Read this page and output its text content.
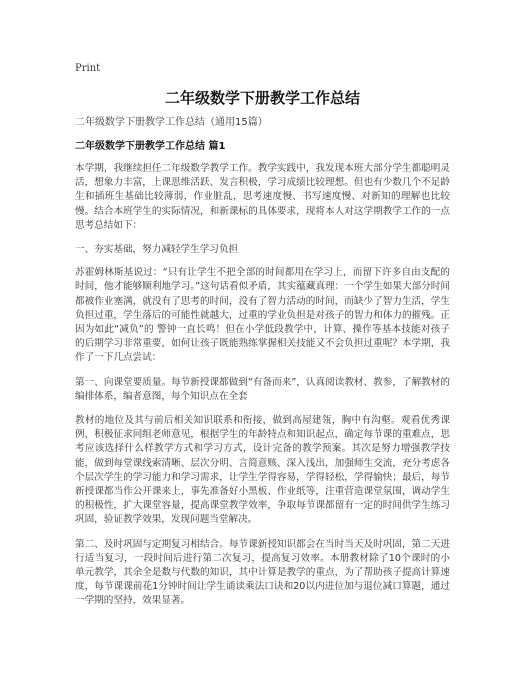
Print
二年级数学下册教学工作总结

二年级数学下册教学工作总结（通用15篇）

二年级数学下册教学工作总结 篇1

本学期，我继续担任二年级数学教学工作。教学实践中，我发现本班大部分学生都聪明灵活，想象力丰富，上课思维活跃、发言积极，学习成绩比较理想。但也有少数几个不足龄生和插班生基础比较薄弱，作业脏乱，思考速度慢、书写速度慢、对新知的理解也比较慢。结合本班学生的实际情况，和新课标的具体要求，现将本人对这学期教学工作的一点思考总结如下：

一、夯实基础，努力减轻学生学习负担

苏霍姆林斯基说过：“只有让学生不把全部的时间都用在学习上，而留下许多自由支配的时间，他才能够顺利地学习。”这句话看似矛盾，其实蕴藏真理：一个学生如果大部分时间都被作业塞满，就没有了思考的时间，没有了智力活动的时间，而缺少了智力生活，学生负担过重，学生落后的可能性就越大，过重的学业负担是对孩子的智力和体力的摧残。正因为如此“减负”的 警钟一直长鸣！但在小学低段教学中，计算、操作等基本技能对孩子的后期学习非常重要，如何让孩子既能熟练掌握相关技能又不会负担过重呢？本学期，我作了一下几点尝试：

第一、向课堂要质量。每节新授课都做到“有备而来”，认真阅读教材、教参，了解教材的编排体系，编者意图，每个知识点在全套

教材的地位及其与前后相关知识联系和衔接，做到高屋建瓴，胸中有沟壑。观看优秀课例，积极征求同组老师意见，根据学生的年龄特点和知识起点，确定每节课的重难点，思考应该选择什么样教学方式和学习方式，设计完备的教学预案。其次是努力增强教学技能，做到每堂课线索清晰、层次分明、言简意赅、深入浅出，加强师生交流，充分考虑各个层次学生的学习能力和学习需求，让学生学得容易，学得轻松，学得愉快；最后，每节新授课都当作公开课来上，事先准备好小黑板、作业纸等，注重营造课堂氛围，调动学生的积极性，扩大课堂容量，提高课堂教学效率，争取每节课都留有一定的时间供学生练习巩固，验证教学效果，发现问题当堂解决。

第二、及时巩固与定期复习相结合。每节课新授知识都会在当时当天及时巩固，第二天进行适当复习，一段时间后进行第二次复习，提高复习效率。本册教材除了10个课时的小单元教学，其余全是数与代数的知识，其中计算是教学的重点，为了帮助孩子提高计算速度，每节课课前花1分钟时间让学生诵读乘法口诀和20以内进位加与退位减口算题，通过一学期的坚持，效果显著。
